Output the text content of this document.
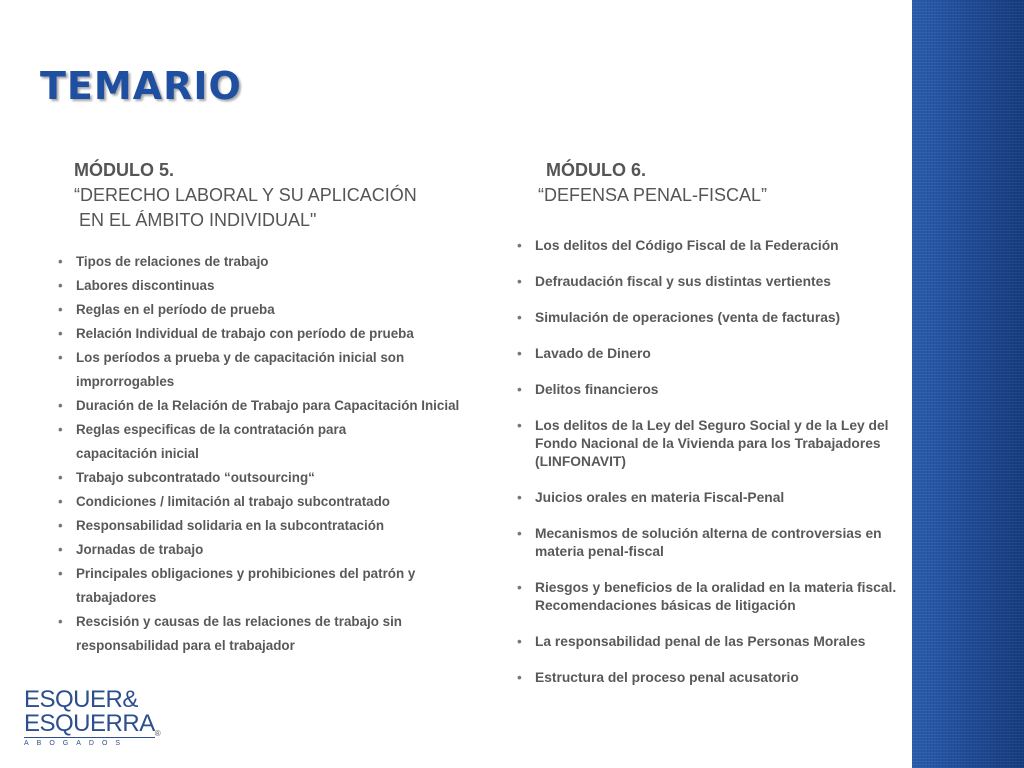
TEMARIO
MÓDULO 5.
“DERECHO LABORAL Y SU APLICACIÓN
EN EL ÁMBITO INDIVIDUAL"
• Tipos de relaciones de trabajo
• Labores discontinuas
• Reglas en el período de prueba
• Relación Individual de trabajo con período de prueba
• Los períodos a prueba y de capacitación inicial son improrrogables
• Duración de la Relación de Trabajo para Capacitación Inicial
• Reglas especificas de la contratación para capacitación inicial
• Trabajo subcontratado “outsourcing“
• Condiciones / limitación al trabajo subcontratado
• Responsabilidad solidaria en la subcontratación
• Jornadas de trabajo
• Principales obligaciones y prohibiciones del patrón y trabajadores
• Rescisión y causas de las relaciones de trabajo sin responsabilidad para el trabajador
MÓDULO 6.
“DEFENSA PENAL-FISCAL”
• Los delitos del Código Fiscal de la Federación
• Defraudación fiscal y sus distintas vertientes
• Simulación de operaciones (venta de facturas)
• Lavado de Dinero
• Delitos financieros
• Los delitos de la Ley del Seguro Social y de la Ley del Fondo Nacional de la Vivienda para los Trabajadores (LINFONAVIT)
• Juicios orales en materia Fiscal-Penal
• Mecanismos de solución alterna de controversias en materia penal-fiscal
• Riesgos y beneficios de la oralidad en la materia fiscal. Recomendaciones básicas de litigación
• La responsabilidad penal de las Personas Morales
• Estructura del proceso penal acusatorio
ESQUER&
ESQUERRA®
ABOGADOS
